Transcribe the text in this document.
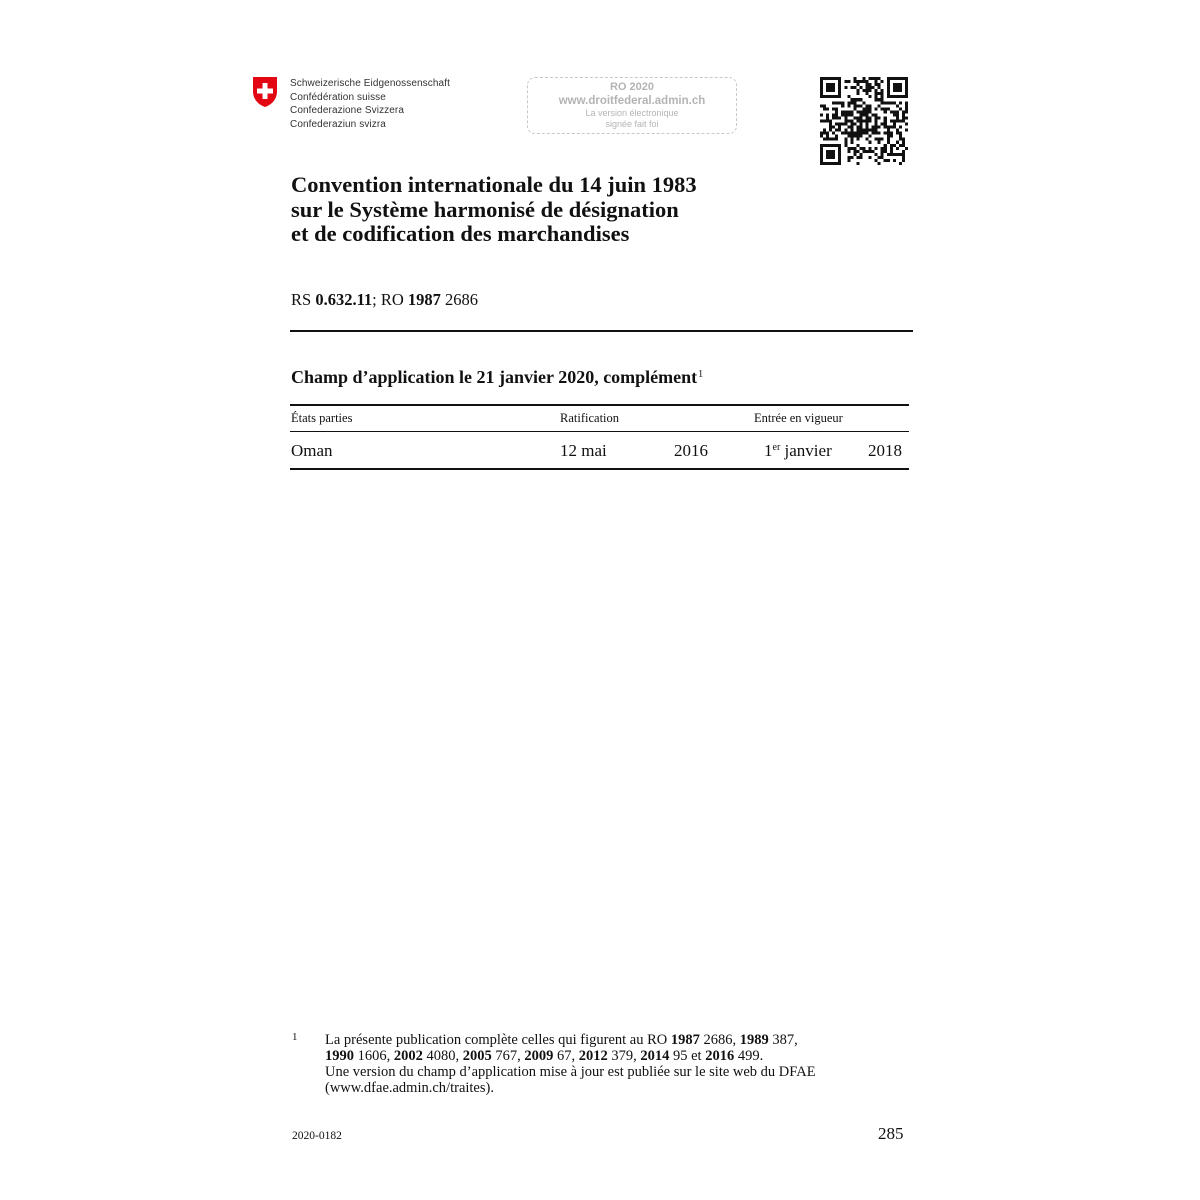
Schweizerische Eidgenossenschaft
Confédération suisse
Confederazione Svizzera
Confederaziun svizra
RO 2020
www.droitfederal.admin.ch
La version électronique
signée fait foi
Convention internationale du 14 juin 1983
sur le Système harmonisé de désignation
et de codification des marchandises
RS 0.632.11; RO 1987 2686
Champ d’application le 21 janvier 2020, complément$^1$
États parties	Ratification	Entrée en vigueur
Oman	12 mai	2016	1er janvier 2018
1 La présente publication complète celles qui figurent au RO 1987 2686, 1989 387,
1990 1606, 2002 4080, 2005 767, 2009 67, 2012 379, 2014 95 et 2016 499.
Une version du champ d’application mise à jour est publiée sur le site web du DFAE
(www.dfae.admin.ch/traites).
2020-0182	285
